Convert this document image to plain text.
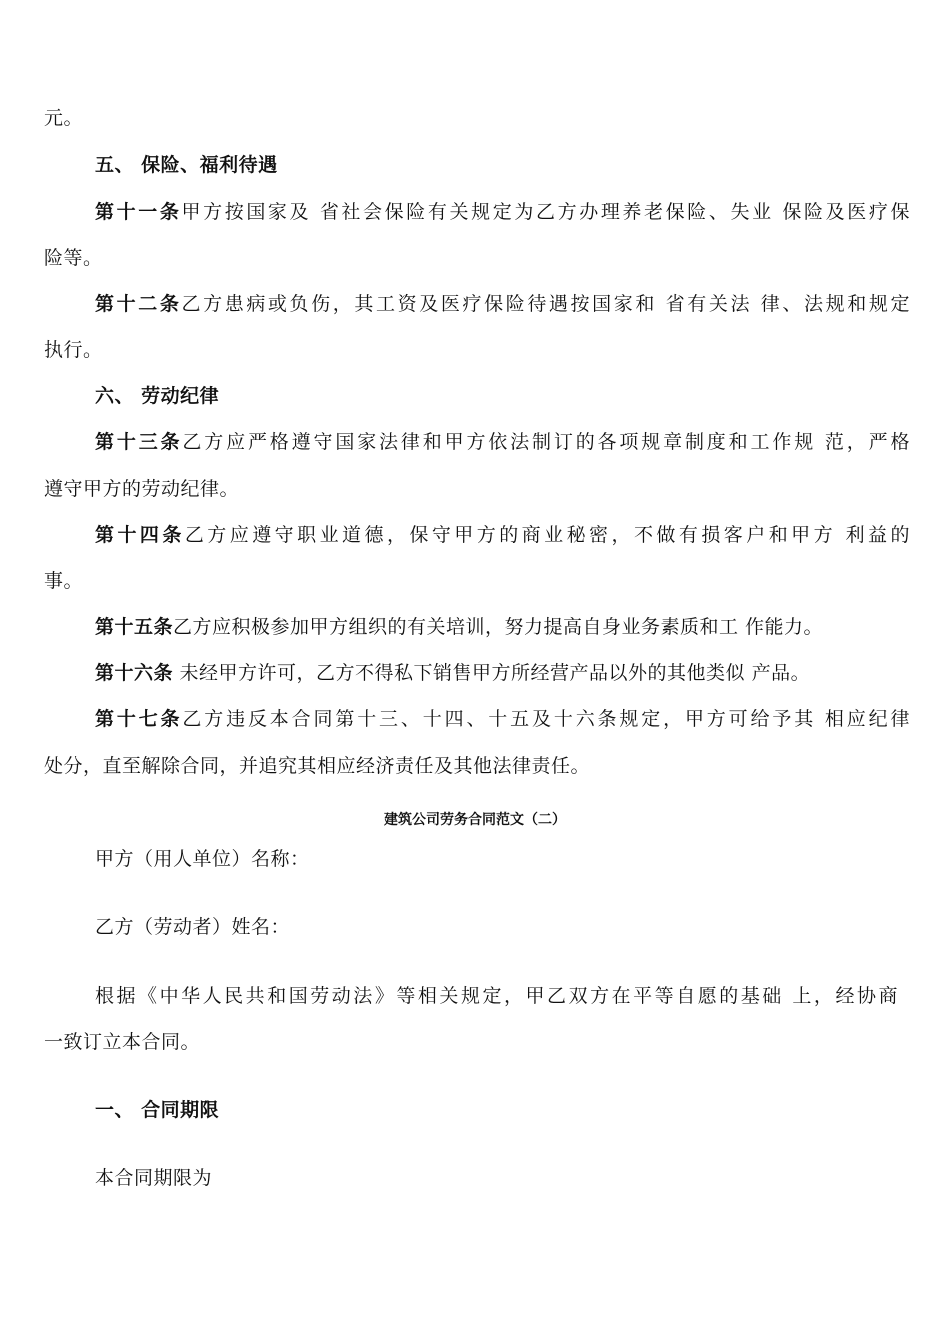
元。
五、 保险、福利待遇
第十一条甲方按国家及 省社会保险有关规定为乙方办理养老保险、失业 保险及医疗保
险等。
第十二条乙方患病或负伤，其工资及医疗保险待遇按国家和 省有关法 律、法规和规定
执行。
六、 劳动纪律
第十三条乙方应严格遵守国家法律和甲方依法制订的各项规章制度和工作规 范，严格
遵守甲方的劳动纪律。
第十四条乙方应遵守职业道德，保守甲方的商业秘密，不做有损客户和甲方 利益的
事。
第十五条乙方应积极参加甲方组织的有关培训，努力提高自身业务素质和工 作能力。
第十六条 未经甲方许可，乙方不得私下销售甲方所经营产品以外的其他类似 产品。
第十七条乙方违反本合同第十三、十四、十五及十六条规定，甲方可给予其 相应纪律
处分，直至解除合同，并追究其相应经济责任及其他法律责任。
建筑公司劳务合同范文（二）
甲方（用人单位）名称：
乙方（劳动者）姓名：
根据《中华人民共和国劳动法》等相关规定，甲乙双方在平等自愿的基础 上，经协商
一致订立本合同。
一、 合同期限
本合同期限为
